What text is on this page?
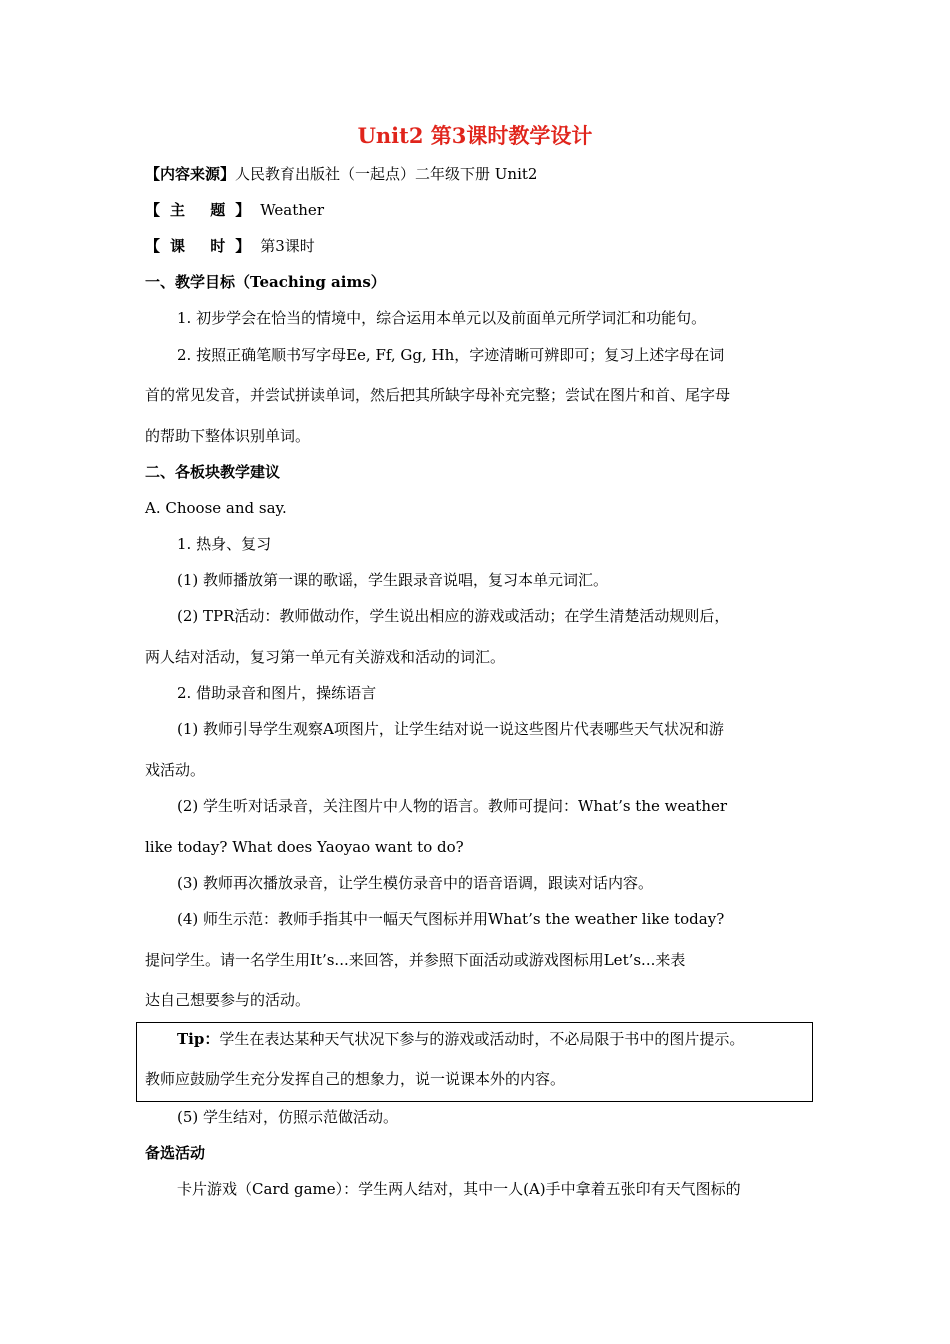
Unit2 第3课时教学设计
【内容来源】人民教育出版社（一起点）二年级下册 Unit2
【主 题】Weather
【课 时】第3课时
一、教学目标（Teaching aims）
1. 初步学会在恰当的情境中，综合运用本单元以及前面单元所学词汇和功能句。
2. 按照正确笔顺书写字母Ee, Ff, Gg, Hh，字迹清晰可辨即可；复习上述字母在词
首的常见发音，并尝试拼读单词，然后把其所缺字母补充完整；尝试在图片和首、尾字母
的帮助下整体识别单词。
二、各板块教学建议
A. Choose and say.
1. 热身、复习
(1) 教师播放第一课的歌谣，学生跟录音说唱，复习本单元词汇。
(2) TPR活动：教师做动作，学生说出相应的游戏或活动；在学生清楚活动规则后，
两人结对活动，复习第一单元有关游戏和活动的词汇。
2. 借助录音和图片，操练语言
(1) 教师引导学生观察A项图片，让学生结对说一说这些图片代表哪些天气状况和游
戏活动。
(2) 学生听对话录音，关注图片中人物的语言。教师可提问：What’s the weather
like today? What does Yaoyao want to do?
(3) 教师再次播放录音，让学生模仿录音中的语音语调，跟读对话内容。
(4) 师生示范：教师手指其中一幅天气图标并用What’s the weather like today?
提问学生。请一名学生用It’s...来回答，并参照下面活动或游戏图标用Let’s...来表
达自己想要参与的活动。
Tip：学生在表达某种天气状况下参与的游戏或活动时，不必局限于书中的图片提示。
教师应鼓励学生充分发挥自己的想象力，说一说课本外的内容。
(5) 学生结对，仿照示范做活动。
备选活动
卡片游戏（Card game）：学生两人结对，其中一人(A)手中拿着五张印有天气图标的
